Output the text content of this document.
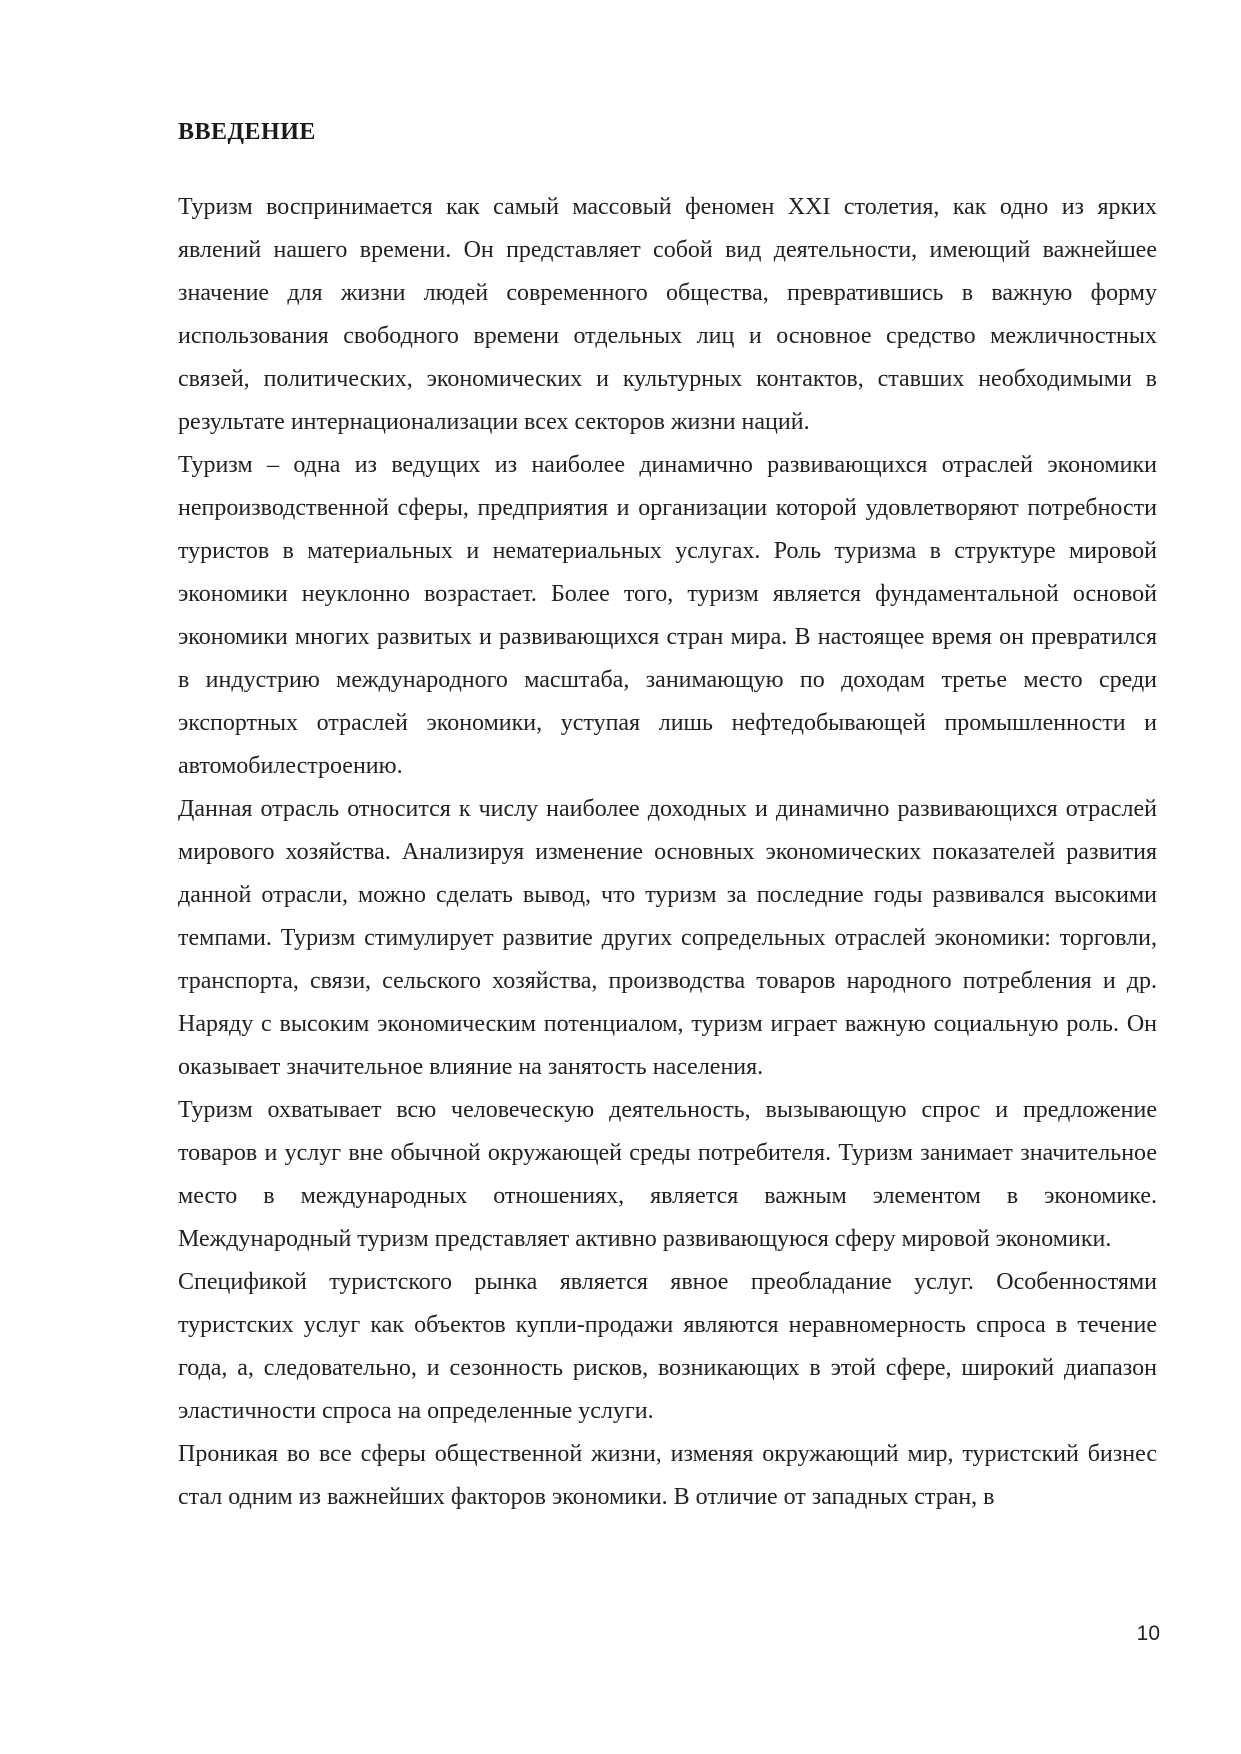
ВВЕДЕНИЕ

Туризм воспринимается как самый массовый феномен XXI столетия, как одно из ярких явлений нашего времени. Он представляет собой вид деятельности, имеющий важнейшее значение для жизни людей современного общества, превратившись в важную форму использования свободного времени отдельных лиц и основное средство межличностных связей, политических, экономических и культурных контактов, ставших необходимыми в результате интернационализации всех секторов жизни наций.

Туризм – одна из ведущих из наиболее динамично развивающихся отраслей экономики непроизводственной сферы, предприятия и организации которой удовлетворяют потребности туристов в материальных и нематериальных услугах. Роль туризма в структуре мировой экономики неуклонно возрастает. Более того, туризм является фундаментальной основой экономики многих развитых и развивающихся стран мира. В настоящее время он превратился в индустрию международного масштаба, занимающую по доходам третье место среди экспортных отраслей экономики, уступая лишь нефтедобывающей промышленности и автомобилестроению.

Данная отрасль относится к числу наиболее доходных и динамично развивающихся отраслей мирового хозяйства. Анализируя изменение основных экономических показателей развития данной отрасли, можно сделать вывод, что туризм за последние годы развивался высокими темпами. Туризм стимулирует развитие других сопредельных отраслей экономики: торговли, транспорта, связи, сельского хозяйства, производства товаров народного потребления и др. Наряду с высоким экономическим потенциалом, туризм играет важную социальную роль. Он оказывает значительное влияние на занятость населения.

Туризм охватывает всю человеческую деятельность, вызывающую спрос и предложение товаров и услуг вне обычной окружающей среды потребителя. Туризм занимает значительное место в международных отношениях, является важным элементом в экономике. Международный туризм представляет активно развивающуюся сферу мировой экономики.

Спецификой туристского рынка является явное преобладание услуг. Особенностями туристских услуг как объектов купли-продажи являются неравномерность спроса в течение года, а, следовательно, и сезонность рисков, возникающих в этой сфере, широкий диапазон эластичности спроса на определенные услуги.

Проникая во все сферы общественной жизни, изменяя окружающий мир, туристский бизнес стал одним из важнейших факторов экономики. В отличие от западных стран, в

10
